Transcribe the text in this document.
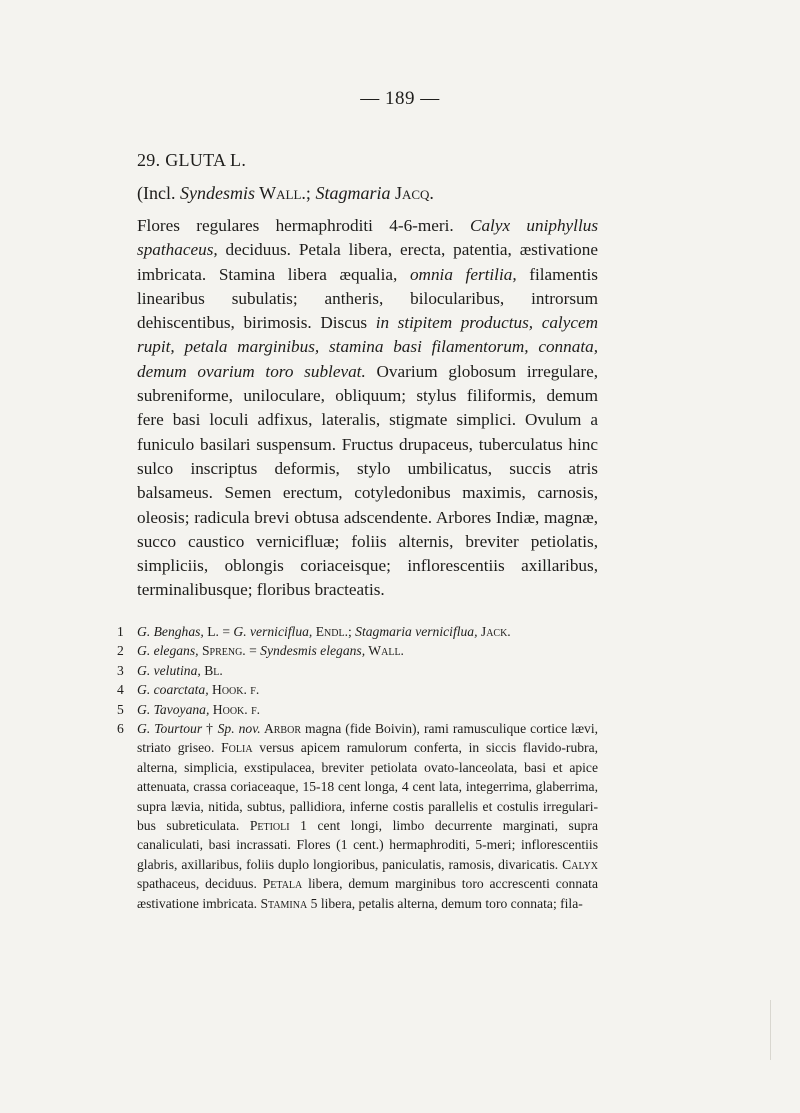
— 189 —
29. GLUTA L.
(Incl. Syndesmis Wall.; Stagmaria Jacq.

Flores regulares hermaphroditi 4-6-meri. Calyx uniphyllus spathaceus, deciduus. Petala libera, erecta, patentia, æstivatione imbricata. Stamina libera æqualia, omnia fertilia, filamentis linearibus subulatis; antheris, bilocularibus, introrsum dehiscentibus, birimosis. Discus in stipitem productus, calycem rupit, petala marginibus, stamina basi filamentorum, connata, demum ovarium toro sublevat. Ovarium globosum irregulare, subreniforme, uniloculare, obliquum; stylus filiformis, demum fere basi loculi adfixus, lateralis, stigmate simplici. Ovulum a funiculo basilari suspensum. Fructus drupaceus, tuberculatus hinc sulco inscriptus deformis, stylo umbilicatus, succis atris balsameus. Semen erectum, cotyledonibus maximis, carnosis, oleosis; radicula brevi obtusa adscendente. Arbores Indiæ, magnæ, succo caustico vernicifluæ; foliis alternis, breviter petiolatis, simpliciis, oblongis coriaceisque; inflorescentiis axillaribus, terminalibusque; floribus bracteatis.

1 G. Benghas, L. = G. verniciflua, Endl.; Stagmaria verniciflua, Jack.
2 G. elegans, Spreng. = Syndesmis elegans, Wall.
3 G. velutina, Bl.
4 G. coarctata, Hook. f.
5 G. Tavoyana, Hook. f.
6 G. Tourtour † Sp. nov. Arbor magna (fide Boivin), rami ramusculique cortice lævi, striato griseo. Folia versus apicem ramulorum conferta, in siccis flavido-rubra, alterna, simplicia, exstipulacea, breviter petiolata ovato-lanceolata, basi et apice attenuata, crassa coriaceaque, 15-18 cent longa, 4 cent lata, integerrima, glaberrima, supra lævia, nitida, subtus, pallidiora, inferne costis parallelis et costulis irregularibus subreticulata. Petioli 1 cent longi, limbo decurrente marginati, supra canaliculati, basi incrassati. Flores (1 cent.) hermaphroditi, 5-meri; inflorescentiis glabris, axillaribus, foliis duplo longioribus, paniculatis, ramosis, divaricatis. Calyx spathaceus, deciduus. Petala libera, demum marginibus toro accrescenti connata æstivatione imbricata. Stamina 5 libera, petalis alterna, demum toro connata; fila-
